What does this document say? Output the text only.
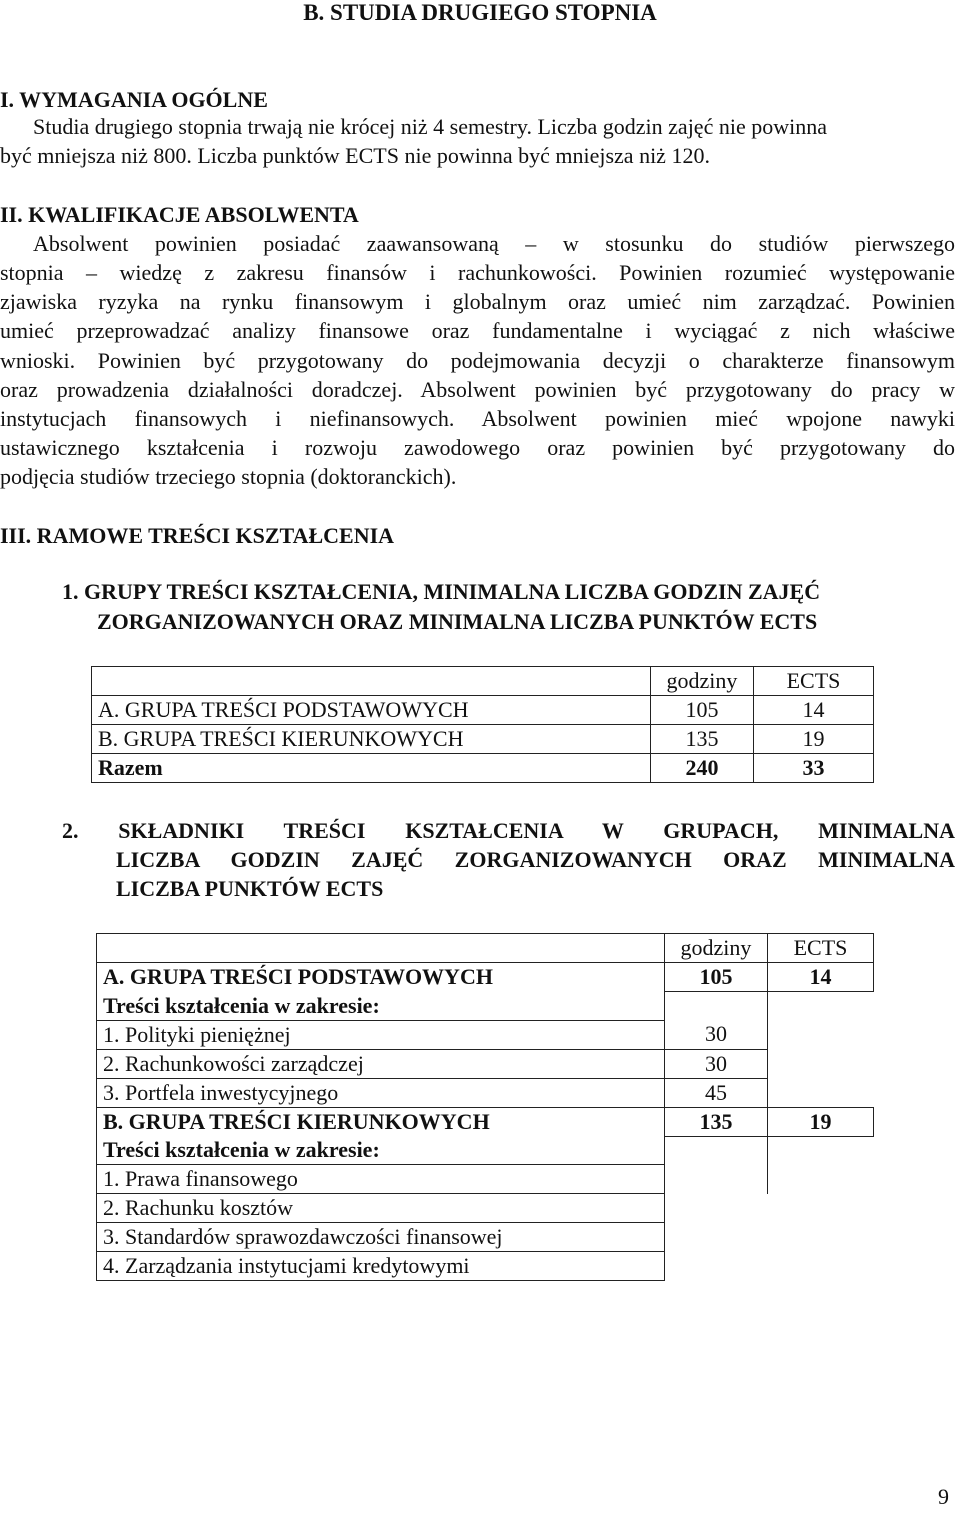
B. STUDIA DRUGIEGO STOPNIA
I. WYMAGANIA OGÓLNE
Studia drugiego stopnia trwają nie krócej niż 4 semestry. Liczba godzin zajęć nie powinna
być mniejsza niż 800. Liczba punktów ECTS nie powinna być mniejsza niż 120.
II. KWALIFIKACJE ABSOLWENTA
Absolwent powinien posiadać zaawansowaną – w stosunku do studiów pierwszego
stopnia – wiedzę z zakresu finansów i rachunkowości. Powinien rozumieć występowanie
zjawiska ryzyka na rynku finansowym i globalnym oraz umieć nim zarządzać. Powinien
umieć przeprowadzać analizy finansowe oraz fundamentalne i wyciągać z nich właściwe
wnioski. Powinien być przygotowany do podejmowania decyzji o charakterze finansowym
oraz prowadzenia działalności doradczej. Absolwent powinien być przygotowany do pracy w
instytucjach finansowych i niefinansowych. Absolwent powinien mieć wpojone nawyki
ustawicznego kształcenia i rozwoju zawodowego oraz powinien być przygotowany do
podjęcia studiów trzeciego stopnia (doktoranckich).
III. RAMOWE TREŚCI KSZTAŁCENIA
1. GRUPY TREŚCI KSZTAŁCENIA, MINIMALNA LICZBA GODZIN ZAJĘĆ
ZORGANIZOWANYCH ORAZ MINIMALNA LICZBA PUNKTÓW ECTS
	godziny	ECTS
A. GRUPA TREŚCI PODSTAWOWYCH	105	14
B. GRUPA TREŚCI KIERUNKOWYCH	135	19
Razem	240	33
2. SKŁADNIKI TREŚCI KSZTAŁCENIA W GRUPACH, MINIMALNA
LICZBA GODZIN ZAJĘĆ ZORGANIZOWANYCH ORAZ MINIMALNA
LICZBA PUNKTÓW ECTS
	godziny	ECTS
A. GRUPA TREŚCI PODSTAWOWYCH	105	14
Treści kształcenia w zakresie:		
1. Polityki pieniężnej	30	
2. Rachunkowości zarządczej	30	
3. Portfela inwestycyjnego	45	
B. GRUPA TREŚCI KIERUNKOWYCH	135	19
Treści kształcenia w zakresie:		
1. Prawa finansowego		
2. Rachunku kosztów		
3. Standardów sprawozdawczości finansowej		
4. Zarządzania instytucjami kredytowymi		
9
